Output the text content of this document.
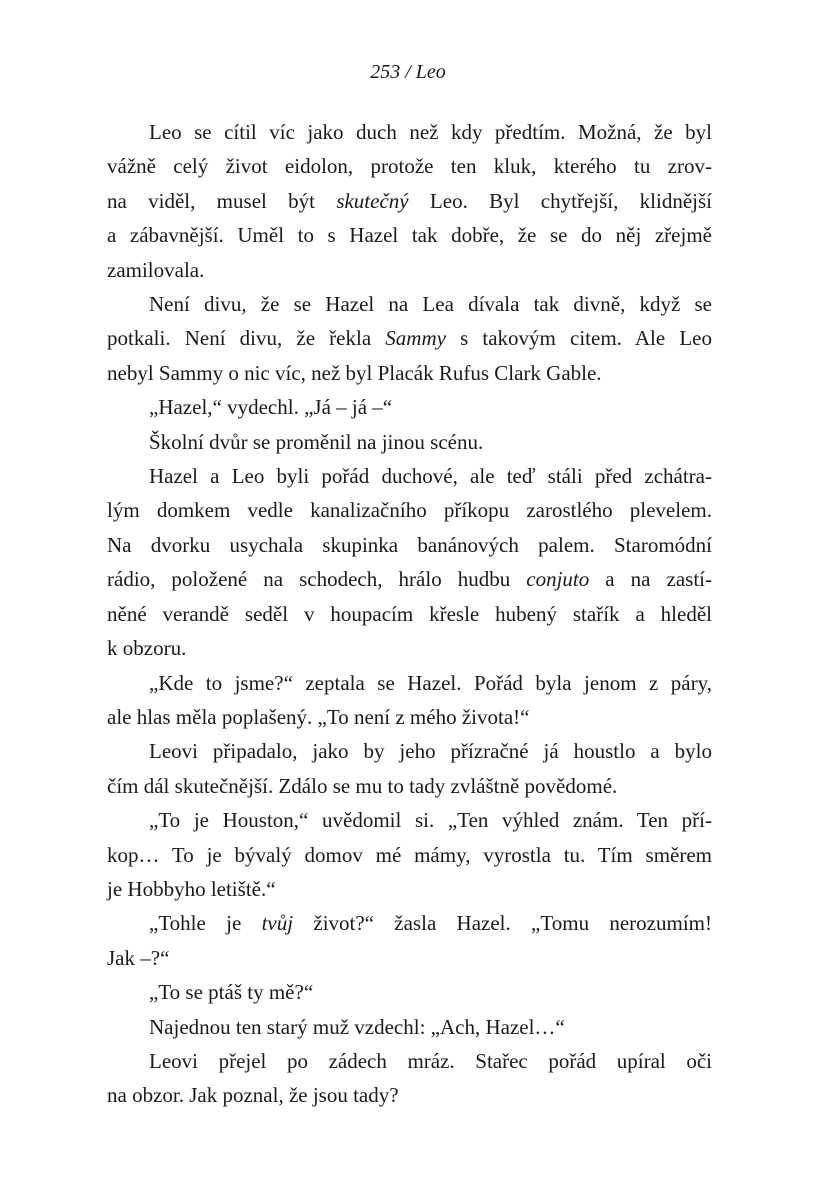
253 / Leo

Leo se cítil víc jako duch než kdy předtím. Možná, že byl
vážně celý život eidolon, protože ten kluk, kterého tu zrov-
na viděl, musel být skutečný Leo. Byl chytřejší, klidnější
a zábavnější. Uměl to s Hazel tak dobře, že se do něj zřejmě
zamilovala.

Není divu, že se Hazel na Lea dívala tak divně, když se
potkali. Není divu, že řekla Sammy s takovým citem. Ale Leo
nebyl Sammy o nic víc, než byl Placák Rufus Clark Gable.

„Hazel,“ vydechl. „Já – já –“

Školní dvůr se proměnil na jinou scénu.

Hazel a Leo byli pořád duchové, ale teď stáli před zchátra-
lým domkem vedle kanalizačního příkopu zarostlého plevelem.
Na dvorku usychala skupinka banánových palem. Staromódní
rádio, položené na schodech, hrálo hudbu conjuto a na zastí-
něné verandě seděl v houpacím křesle hubený stařík a hleděl
k obzoru.

„Kde to jsme?“ zeptala se Hazel. Pořád byla jenom z páry,
ale hlas měla poplašený. „To není z mého života!“

Leovi připadalo, jako by jeho přízračné já houstlo a bylo
čím dál skutečnější. Zdálo se mu to tady zvláštně povědomé.

„To je Houston,“ uvědomil si. „Ten výhled znám. Ten pří-
kop… To je bývalý domov mé mámy, vyrostla tu. Tím směrem
je Hobbyho letiště.“

„Tohle je tvůj život?“ žasla Hazel. „Tomu nerozumím!
Jak –?“

„To se ptáš ty mě?“

Najednou ten starý muž vzdechl: „Ach, Hazel…“

Leovi přejel po zádech mráz. Stařec pořád upíral oči
na obzor. Jak poznal, že jsou tady?
